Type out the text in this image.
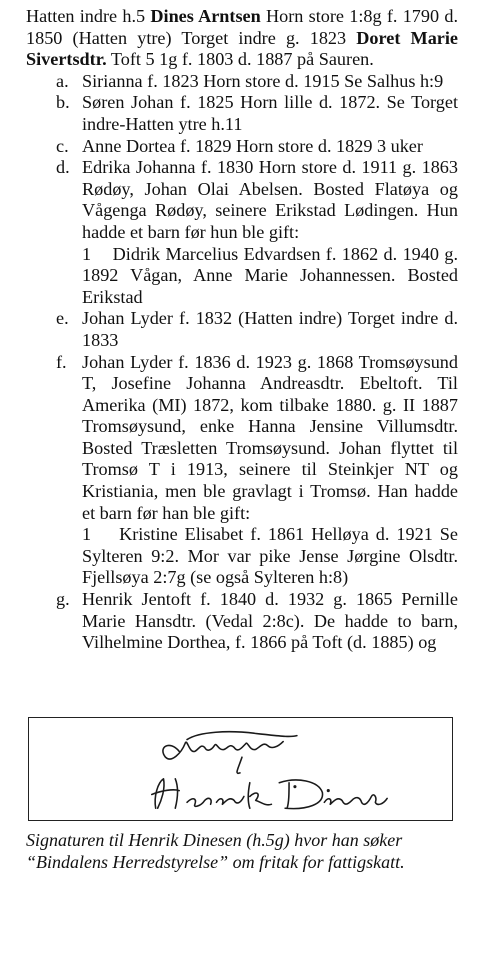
Hatten indre h.5 Dines Arntsen Horn store 1:8g f. 1790 d. 1850 (Hatten ytre) Torget indre g. 1823 Doret Marie Sivertsdtr. Toft 5 1g f. 1803 d. 1887 på Sauren.

a. Sirianna f. 1823 Horn store d. 1915 Se Salhus h:9
b. Søren Johan f. 1825 Horn lille d. 1872. Se Torget indre-Hatten ytre h.11
c. Anne Dortea f. 1829 Horn store d. 1829 3 uker
d. Edrika Johanna f. 1830 Horn store d. 1911 g. 1863 Rødøy, Johan Olai Abelsen. Bosted Flatøya og Vågenga Rødøy, seinere Erikstad Lødingen. Hun hadde et barn før hun ble gift:
1    Didrik Marcelius Edvardsen f. 1862 d. 1940 g. 1892 Vågan, Anne Marie Johannessen. Bosted Erikstad
e. Johan Lyder f. 1832 (Hatten indre) Torget indre d. 1833
f. Johan Lyder f. 1836 d. 1923 g. 1868 Tromsøysund T, Josefine Johanna Andreasdtr. Ebeltoft. Til Amerika (MI) 1872, kom tilbake 1880. g. II 1887 Tromsøysund, enke Hanna Jensine Villumsdtr. Bosted Træsletten Tromsøysund. Johan flyttet til Tromsø T i 1913, seinere til Steinkjer NT og Kristiania, men ble gravlagt i Tromsø. Han hadde et barn før han ble gift:
1    Kristine Elisabet f. 1861 Helløya d. 1921 Se Sylteren 9:2. Mor var pike Jense Jørgine Olsdtr. Fjellsøya 2:7g (se også Sylteren h:8)
g. Henrik Jentoft f. 1840 d. 1932 g. 1865 Pernille Marie Hansdtr. (Vedal 2:8c). De hadde to barn, Vilhelmine Dorthea, f. 1866 på Toft (d. 1885) og
Signaturen til Henrik Dinesen (h.5g) hvor han søker “Bindalens Herredstyrelse” om fritak for fattigskatt.
